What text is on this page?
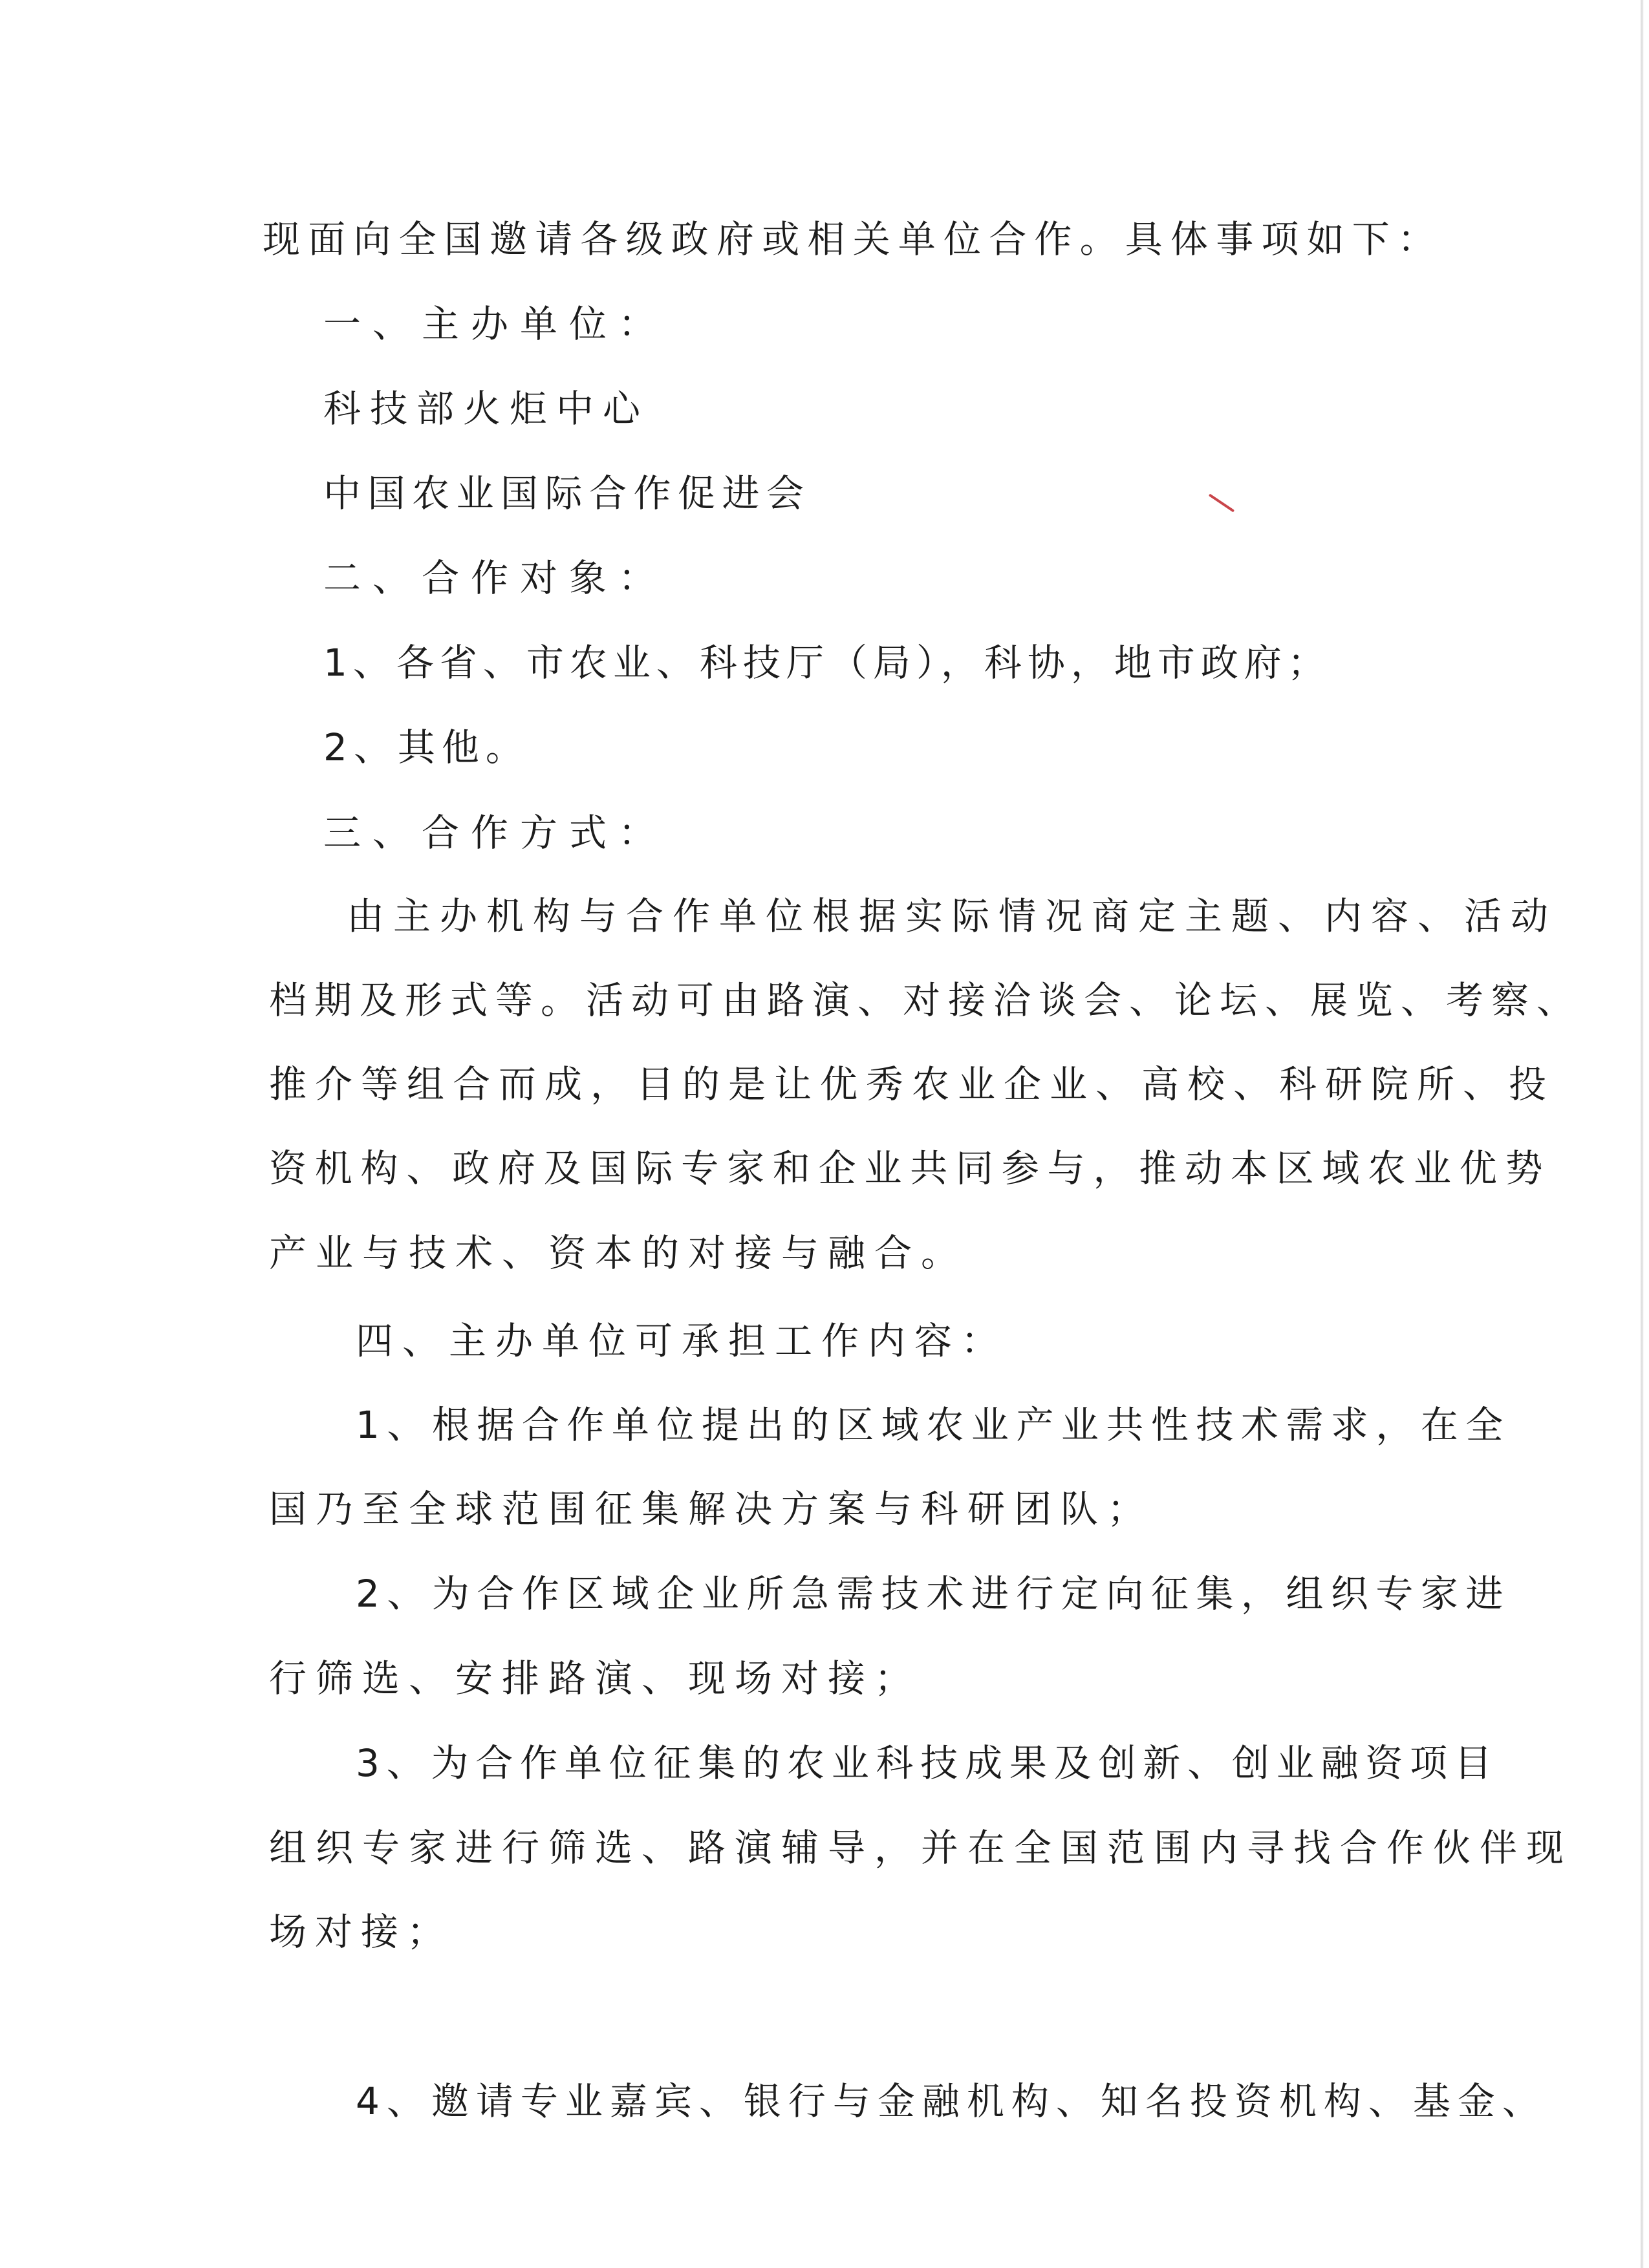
现面向全国邀请各级政府或相关单位合作。具体事项如下：

一、主办单位：

科技部火炬中心

中国农业国际合作促进会

二、合作对象：

1、各省、市农业、科技厅（局），科协，地市政府；

2、其他。

三、合作方式：

由主办机构与合作单位根据实际情况商定主题、内容、活动

档期及形式等。活动可由路演、对接洽谈会、论坛、展览、考察、

推介等组合而成，目的是让优秀农业企业、高校、科研院所、投

资机构、政府及国际专家和企业共同参与，推动本区域农业优势

产业与技术、资本的对接与融合。

四、主办单位可承担工作内容：

1、根据合作单位提出的区域农业产业共性技术需求，在全

国乃至全球范围征集解决方案与科研团队；

2、为合作区域企业所急需技术进行定向征集，组织专家进

行筛选、安排路演、现场对接；

3、为合作单位征集的农业科技成果及创新、创业融资项目

组织专家进行筛选、路演辅导，并在全国范围内寻找合作伙伴现

场对接；

4、邀请专业嘉宾、银行与金融机构、知名投资机构、基金、
